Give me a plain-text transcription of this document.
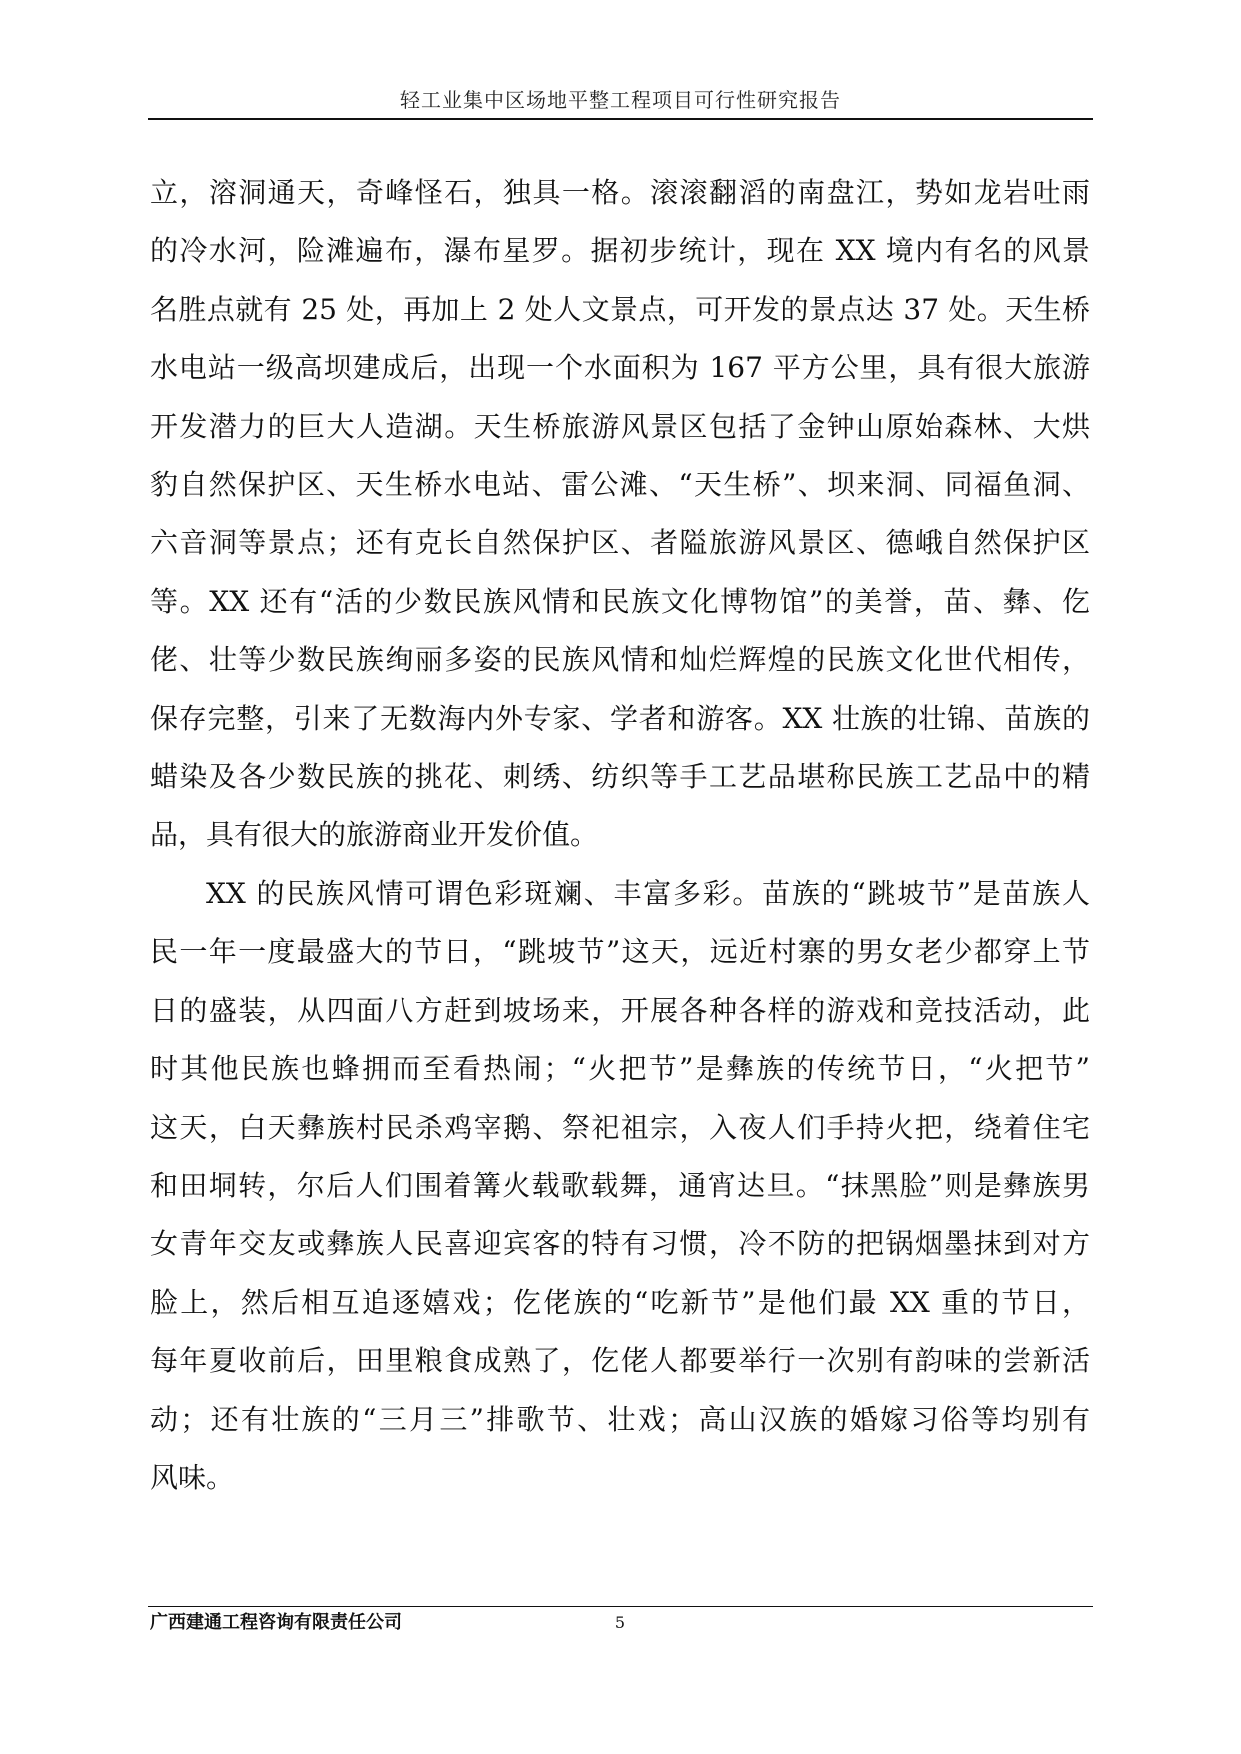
轻工业集中区场地平整工程项目可行性研究报告

立，溶洞通天，奇峰怪石，独具一格。滚滚翻滔的南盘江，势如龙岩吐雨
的冷水河，险滩遍布，瀑布星罗。据初步统计，现在 XX 境内有名的风景
名胜点就有 25 处，再加上 2 处人文景点，可开发的景点达 37 处。天生桥
水电站一级高坝建成后，出现一个水面积为 167 平方公里，具有很大旅游
开发潜力的巨大人造湖。天生桥旅游风景区包括了金钟山原始森林、大烘
豹自然保护区、天生桥水电站、雷公滩、“天生桥”、坝来洞、同福鱼洞、
六音洞等景点；还有克长自然保护区、者隘旅游风景区、德峨自然保护区
等。XX 还有“活的少数民族风情和民族文化博物馆”的美誉，苗、彝、仡
佬、壮等少数民族绚丽多姿的民族风情和灿烂辉煌的民族文化世代相传，
保存完整，引来了无数海内外专家、学者和游客。XX 壮族的壮锦、苗族的
蜡染及各少数民族的挑花、刺绣、纺织等手工艺品堪称民族工艺品中的精
品，具有很大的旅游商业开发价值。

XX 的民族风情可谓色彩斑斓、丰富多彩。苗族的“跳坡节”是苗族人
民一年一度最盛大的节日，“跳坡节”这天，远近村寨的男女老少都穿上节
日的盛装，从四面八方赶到坡场来，开展各种各样的游戏和竞技活动，此
时其他民族也蜂拥而至看热闹；“火把节”是彝族的传统节日，“火把节”
这天，白天彝族村民杀鸡宰鹅、祭祀祖宗，入夜人们手持火把，绕着住宅
和田垌转，尔后人们围着篝火载歌载舞，通宵达旦。“抹黑脸”则是彝族男
女青年交友或彝族人民喜迎宾客的特有习惯，冷不防的把锅烟墨抹到对方
脸上，然后相互追逐嬉戏；仡佬族的“吃新节”是他们最 XX 重的节日，
每年夏收前后，田里粮食成熟了，仡佬人都要举行一次别有韵味的尝新活
动；还有壮族的“三月三”排歌节、壮戏；高山汉族的婚嫁习俗等均别有
风味。

广西建通工程咨询有限责任公司	5
